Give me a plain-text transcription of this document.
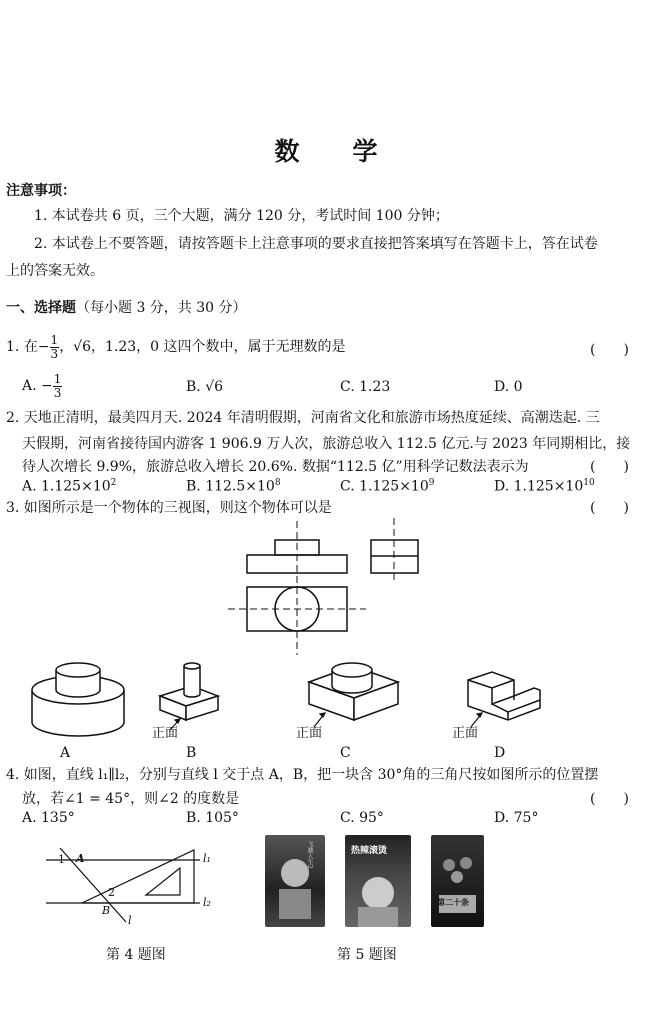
数　学
注意事项：
1. 本试卷共 6 页，三个大题，满分 120 分，考试时间 100 分钟；
2. 本试卷上不要答题，请按答题卡上注意事项的要求直接把答案填写在答题卡上，答在试卷
上的答案无效。
一、选择题（每小题 3 分，共 30 分）
1. 在− $\frac{1}{3}$ ，√6，1.23，0 这四个数中，属于无理数的是	(　　)
A. − $\frac{1}{3}$	B. √6	C. 1.23	D. 0
2. 天地正清明，最美四月天. 2024 年清明假期，河南省文化和旅游市场热度延续、高潮迭起. 三
天假期，河南省接待国内游客 1 906.9 万人次，旅游总收入 112.5 亿元.与 2023 年同期相比，接
待人次增长 9.9%，旅游总收入增长 20.6%. 数据“112.5 亿”用科学记数法表示为	(　　)
A. $1.125\times 10^2$	B. $112.5\times 10^8$	C. $1.125\times 10^9$	D. $1.125\times 10^{10}$
3. 如图所示是一个物体的三视图，则这个物体可以是	(　　)
正面	正面	正面
A	B	C	D
4. 如图，直线 l₁∥l₂，分别与直线 l 交于点 A，B，把一块含 30°角的三角尺按如图所示的位置摆
放，若∠1 = 45°，则∠2 的度数是	(　　)
A. 135°	B. 105°	C. 95°	D. 75°
1 A
2
B
l₁
l₂
l
第 4 题图
飞驰人生2	热辣滚烫
第二十条
第 5 题图
